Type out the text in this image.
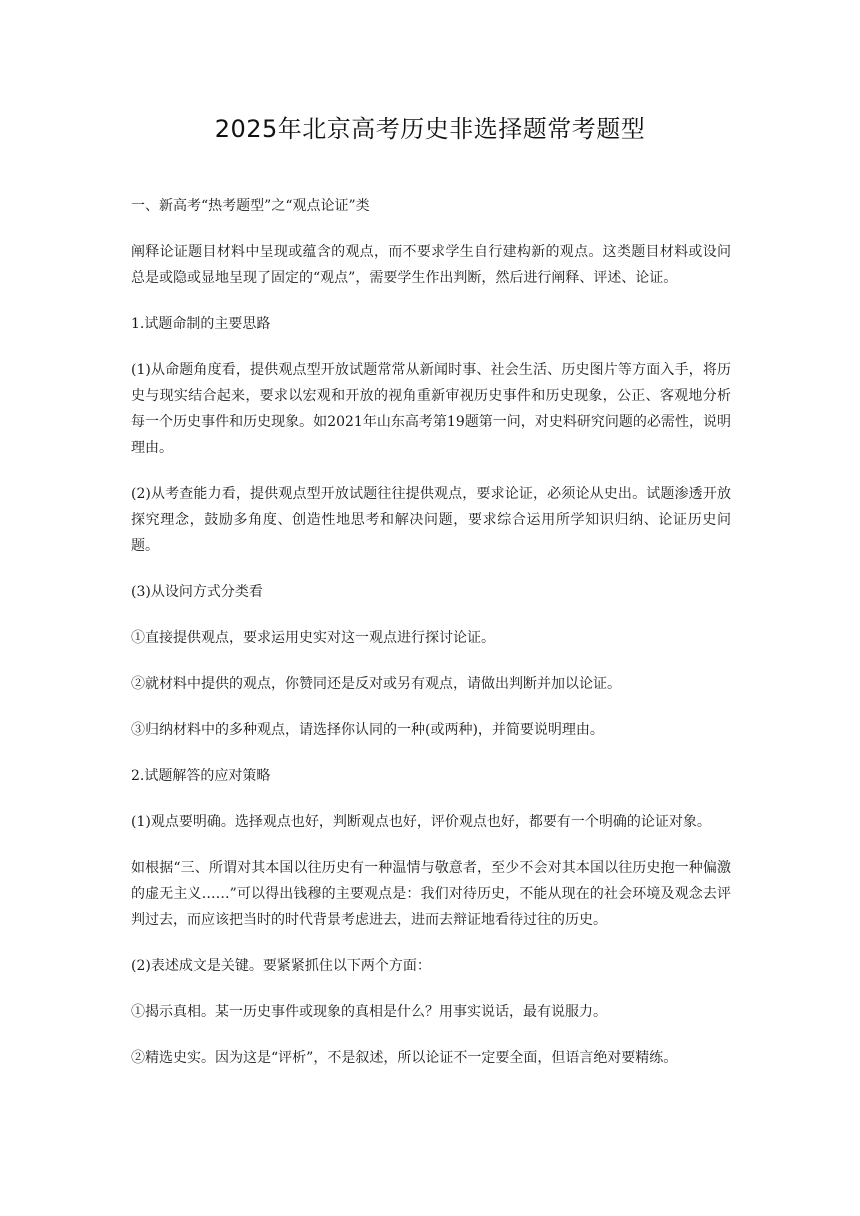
2025年北京高考历史非选择题常考题型

一、新高考“热考题型”之“观点论证”类

阐释论证题目材料中呈现或蕴含的观点，而不要求学生自行建构新的观点。这类题目材料或设问总是或隐或显地呈现了固定的“观点”，需要学生作出判断，然后进行阐释、评述、论证。

1.试题命制的主要思路

(1)从命题角度看，提供观点型开放试题常常从新闻时事、社会生活、历史图片等方面入手，将历史与现实结合起来，要求以宏观和开放的视角重新审视历史事件和历史现象，公正、客观地分析每一个历史事件和历史现象。如2021年山东高考第19题第一问，对史料研究问题的必需性，说明理由。

(2)从考查能力看，提供观点型开放试题往往提供观点，要求论证，必须论从史出。试题渗透开放探究理念，鼓励多角度、创造性地思考和解决问题，要求综合运用所学知识归纳、论证历史问题。

(3)从设问方式分类看

①直接提供观点，要求运用史实对这一观点进行探讨论证。

②就材料中提供的观点，你赞同还是反对或另有观点，请做出判断并加以论证。

③归纳材料中的多种观点，请选择你认同的一种(或两种)，并简要说明理由。

2.试题解答的应对策略

(1)观点要明确。选择观点也好，判断观点也好，评价观点也好，都要有一个明确的论证对象。

如根据“三、所谓对其本国以往历史有一种温情与敬意者，至少不会对其本国以往历史抱一种偏激的虚无主义……”可以得出钱穆的主要观点是：我们对待历史，不能从现在的社会环境及观念去评判过去，而应该把当时的时代背景考虑进去，进而去辩证地看待过往的历史。

(2)表述成文是关键。要紧紧抓住以下两个方面：

①揭示真相。某一历史事件或现象的真相是什么？用事实说话，最有说服力。

②精选史实。因为这是“评析”，不是叙述，所以论证不一定要全面，但语言绝对要精练。
